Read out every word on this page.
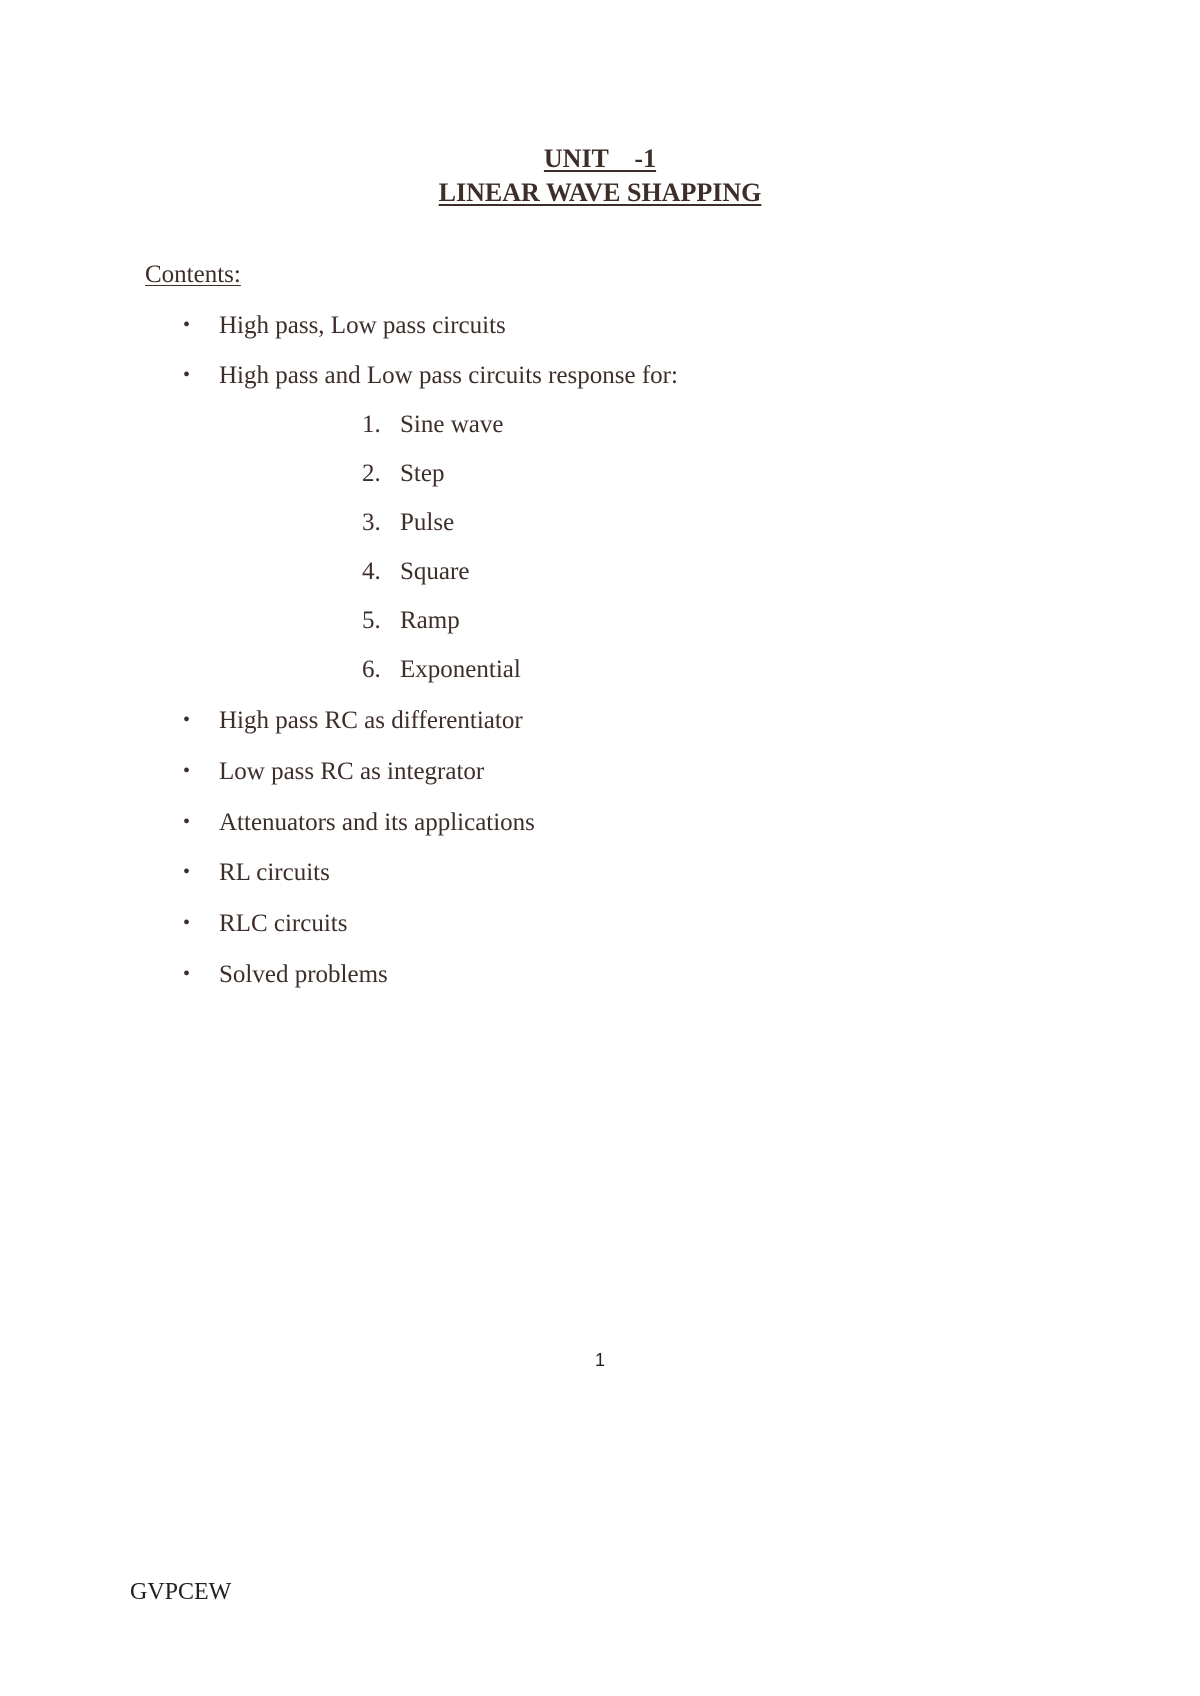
UNIT    -1
LINEAR WAVE SHAPPING
Contents:
• High pass, Low pass circuits
• High pass and Low pass circuits response for:
1. Sine wave
2. Step
3. Pulse
4. Square
5. Ramp
6. Exponential
• High pass RC as differentiator
• Low pass RC as integrator
• Attenuators and its applications
• RL circuits
• RLC circuits
• Solved problems
1
GVPCEW
